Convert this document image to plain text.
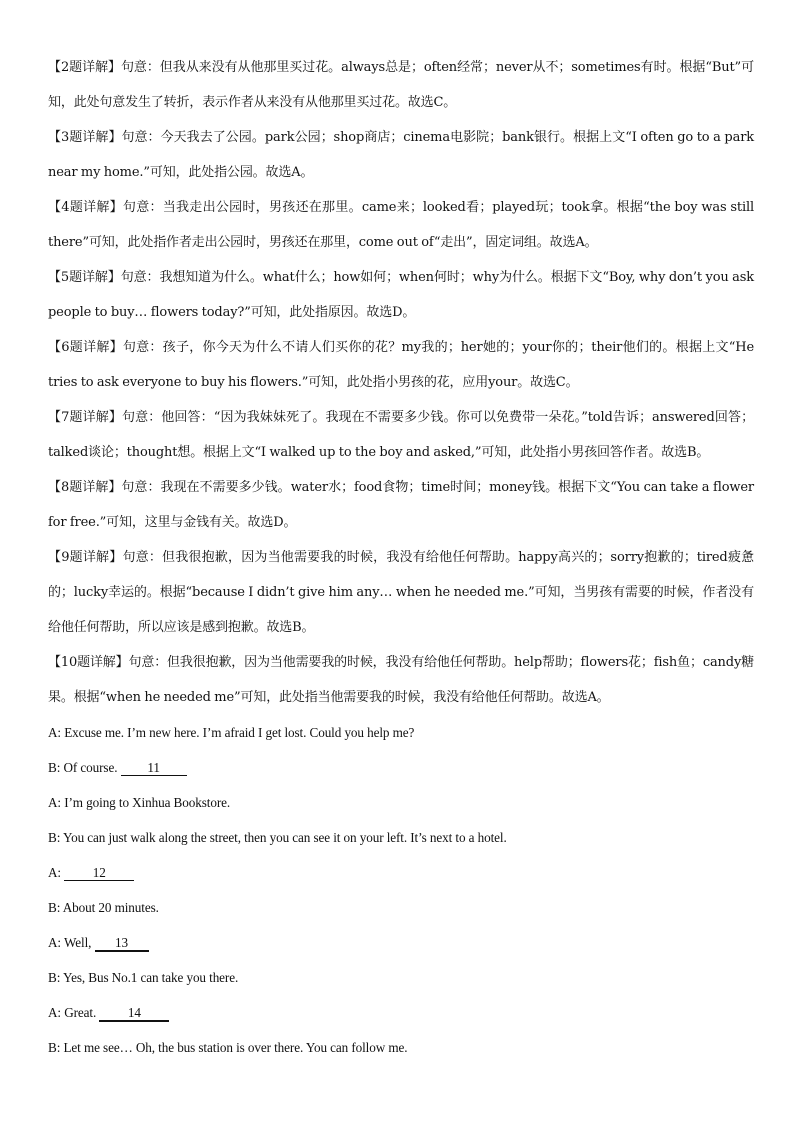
【2题详解】句意：但我从来没有从他那里买过花。always总是；often经常；never从不；sometimes有时。根据“But”可知，此处句意发生了转折，表示作者从来没有从他那里买过花。故选C。

【3题详解】句意：今天我去了公园。park公园；shop商店；cinema电影院；bank银行。根据上文“I often go to a park near my home.”可知，此处指公园。故选A。

【4题详解】句意：当我走出公园时，男孩还在那里。came来；looked看；played玩；took拿。根据“the boy was still there”可知，此处指作者走出公园时，男孩还在那里，come out of“走出”，固定词组。故选A。

【5题详解】句意：我想知道为什么。what什么；how如何；when何时；why为什么。根据下文“Boy, why don’t you ask people to buy… flowers today?”可知，此处指原因。故选D。

【6题详解】句意：孩子，你今天为什么不请人们买你的花？my我的；her她的；your你的；their他们的。根据上文“He tries to ask everyone to buy his flowers.”可知，此处指小男孩的花，应用your。故选C。

【7题详解】句意：他回答：“因为我妹妹死了。我现在不需要多少钱。你可以免费带一朵花。”told告诉；answered回答；talked谈论；thought想。根据上文“I walked up to the boy and asked,”可知，此处指小男孩回答作者。故选B。

【8题详解】句意：我现在不需要多少钱。water水；food食物；time时间；money钱。根据下文“You can take a flower for free.”可知，这里与金钱有关。故选D。

【9题详解】句意：但我很抱歉，因为当他需要我的时候，我没有给他任何帮助。happy高兴的；sorry抱歉的；tired疲惫的；lucky幸运的。根据“because I didn’t give him any… when he needed me.”可知，当男孩有需要的时候，作者没有给他任何帮助，所以应该是感到抱歉。故选B。

【10题详解】句意：但我很抱歉，因为当他需要我的时候，我没有给他任何帮助。help帮助；flowers花；fish鱼；candy糖果。根据“when he needed me”可知，此处指当他需要我的时候，我没有给他任何帮助。故选A。

A: Excuse me. I’m new here. I’m afraid I get lost. Could you help me?

B: Of course. 11

A: I’m going to Xinhua Bookstore.

B: You can just walk along the street, then you can see it on your left. It’s next to a hotel.

A: 12

B: About 20 minutes.

A: Well, 13

B: Yes, Bus No.1 can take you there.

A: Great. 14

B: Let me see… Oh, the bus station is over there. You can follow me.
